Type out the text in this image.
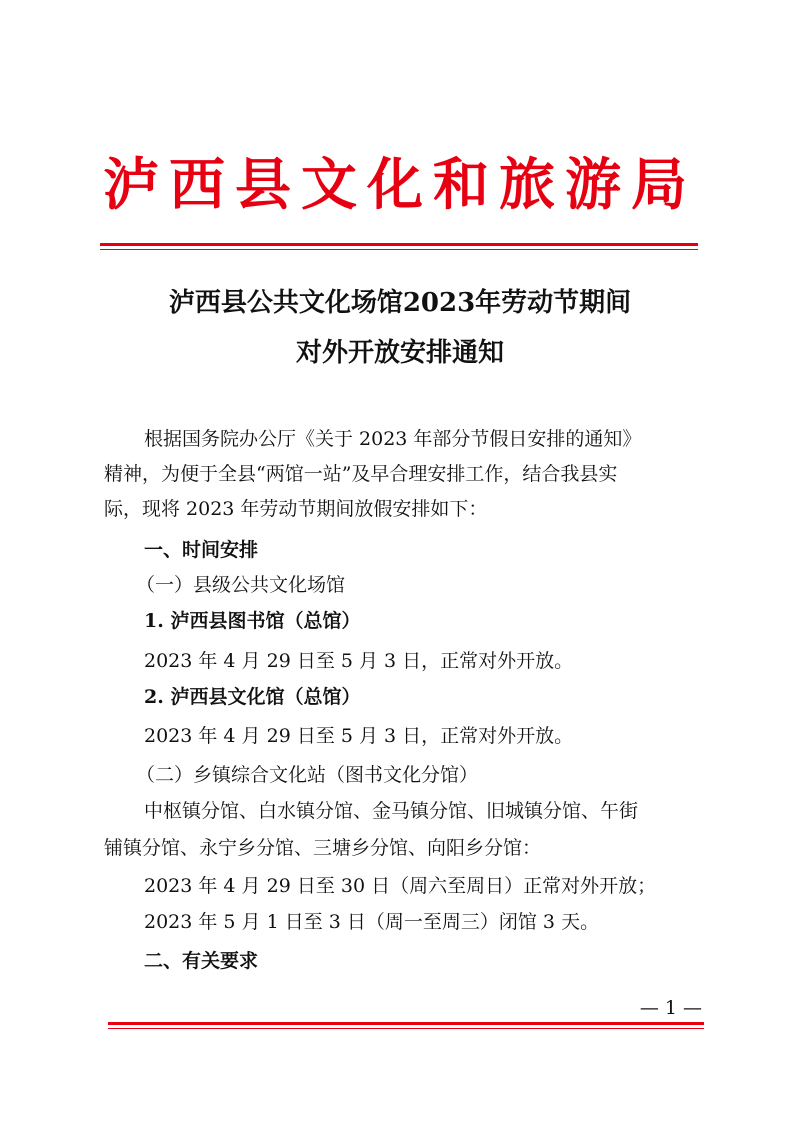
泸西县文化和旅游局
泸西县公共文化场馆2023年劳动节期间
对外开放安排通知
根据国务院办公厅《关于 2023 年部分节假日安排的通知》
精神，为便于全县“两馆一站”及早合理安排工作，结合我县实
际，现将 2023 年劳动节期间放假安排如下：
一、时间安排
（一）县级公共文化场馆
1. 泸西县图书馆（总馆）
2023 年 4 月 29 日至 5 月 3 日，正常对外开放。
2. 泸西县文化馆（总馆）
2023 年 4 月 29 日至 5 月 3 日，正常对外开放。
（二）乡镇综合文化站（图书文化分馆）
中枢镇分馆、白水镇分馆、金马镇分馆、旧城镇分馆、午街
铺镇分馆、永宁乡分馆、三塘乡分馆、向阳乡分馆：
2023 年 4 月 29 日至 30 日（周六至周日）正常对外开放；
2023 年 5 月 1 日至 3 日（周一至周三）闭馆 3 天。
二、有关要求
— 1 —
